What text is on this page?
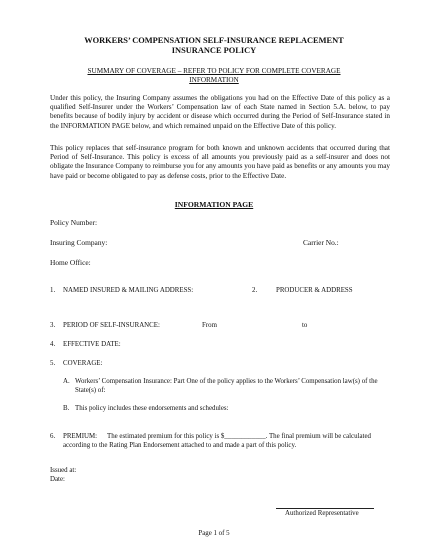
WORKERS’ COMPENSATION SELF-INSURANCE REPLACEMENT
INSURANCE POLICY
SUMMARY OF COVERAGE – REFER TO POLICY FOR COMPLETE COVERAGE
INFORMATION
Under this policy, the Insuring Company assumes the obligations you had on the Effective Date of this policy as a qualified Self-Insurer under the Workers’ Compensation law of each State named in Section 5.A. below, to pay benefits because of bodily injury by accident or disease which occurred during the Period of Self-Insurance stated in the INFORMATION PAGE below, and which remained unpaid on the Effective Date of this policy.
This policy replaces that self-insurance program for both known and unknown accidents that occurred during that Period of Self-Insurance. This policy is excess of all amounts you previously paid as a self-insurer and does not obligate the Insurance Company to reimburse you for any amounts you have paid as benefits or any amounts you may have paid or become obligated to pay as defense costs, prior to the Effective Date.
INFORMATION PAGE
Policy Number:
Insuring Company:	Carrier No.:
Home Office:
1. NAMED INSURED & MAILING ADDRESS:	2.	PRODUCER & ADDRESS
3. PERIOD OF SELF-INSURANCE:	From	to
4. EFFECTIVE DATE:
5. COVERAGE:
A. Workers’ Compensation Insurance: Part One of the policy applies to the Workers’ Compensation law(s) of the State(s) of:
B. This policy includes these endorsements and schedules:
6. PREMIUM:	The estimated premium for this policy is $____________. The final premium will be calculated according to the Rating Plan Endorsement attached to and made a part of this policy.
Issued at:
Date:
Authorized Representative
Page 1 of 5
